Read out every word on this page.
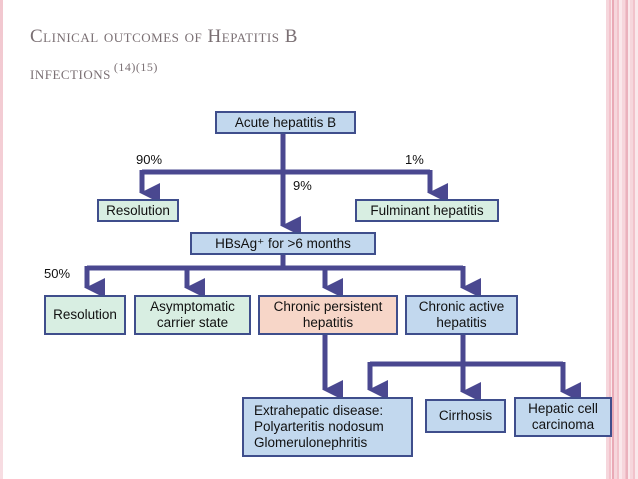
Clinical outcomes of Hepatitis B
infections $^{(14)(15)}$
Acute hepatitis B
90%	1%
9%
50%
Resolution	Fulminant hepatitis
HBsAg⁺ for >6 months
Resolution
Asymptomatic
carrier state
Chronic persistent
hepatitis
Chronic active
hepatitis
Extrahepatic disease:
Polyarteritis nodosum
Glomerulonephritis
Cirrhosis	Hepatic cell
carcinoma
